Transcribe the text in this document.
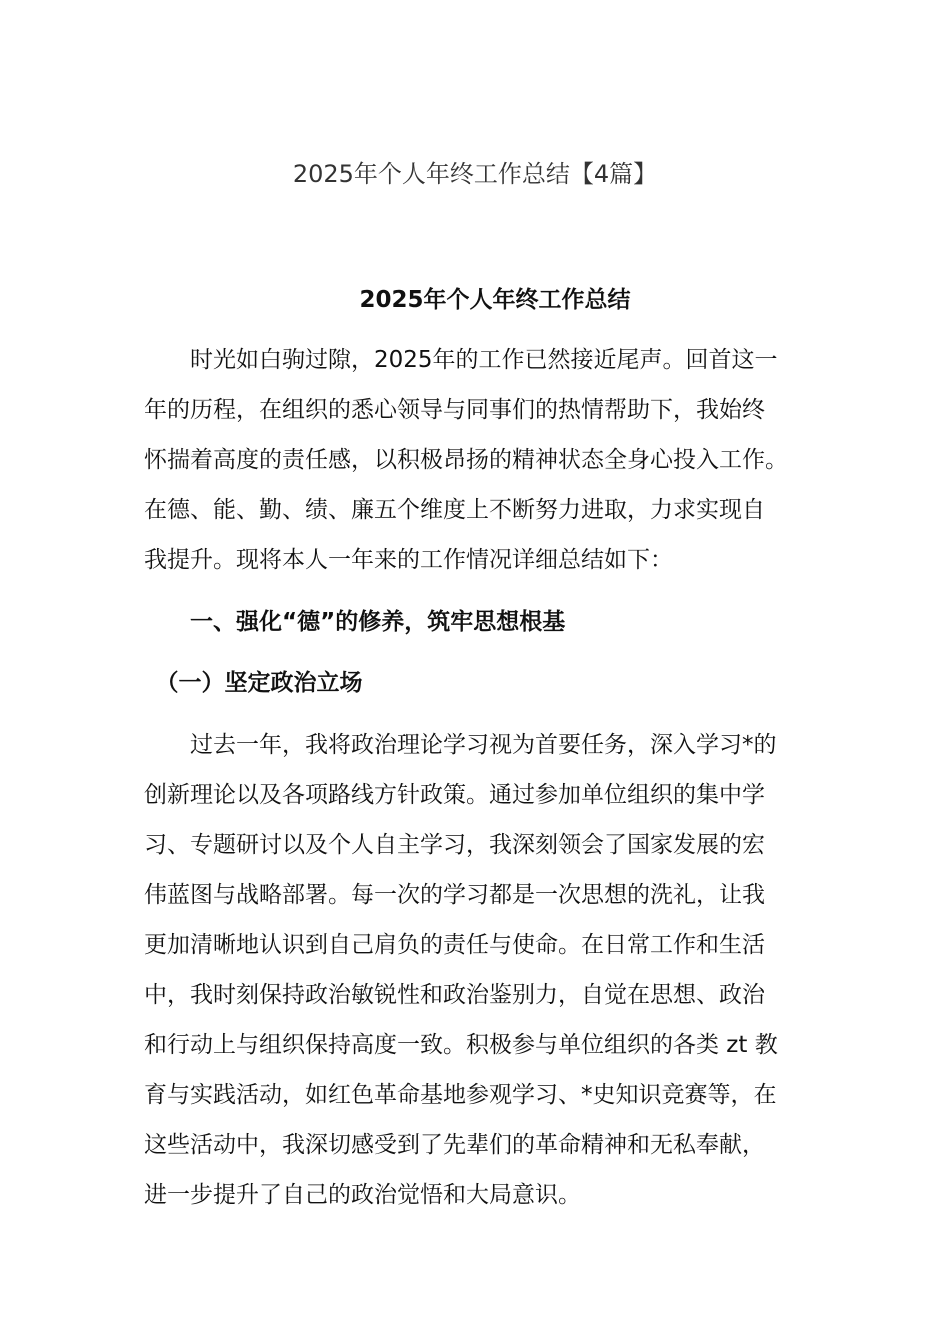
2025年个人年终工作总结【4篇】
2025年个人年终工作总结

　　时光如白驹过隙，2025年的工作已然接近尾声。回首这一

年的历程，在组织的悉心领导与同事们的热情帮助下，我始终

怀揣着高度的责任感，以积极昂扬的精神状态全身心投入工作。

在德、能、勤、绩、廉五个维度上不断努力进取，力求实现自

我提升。现将本人一年来的工作情况详细总结如下：

　　一、强化“德”的修养，筑牢思想根基

　（一）坚定政治立场

　　过去一年，我将政治理论学习视为首要任务，深入学习*的

创新理论以及各项路线方针政策。通过参加单位组织的集中学

习、专题研讨以及个人自主学习，我深刻领会了国家发展的宏

伟蓝图与战略部署。每一次的学习都是一次思想的洗礼，让我

更加清晰地认识到自己肩负的责任与使命。在日常工作和生活

中，我时刻保持政治敏锐性和政治鉴别力，自觉在思想、政治

和行动上与组织保持高度一致。积极参与单位组织的各类 zt 教

育与实践活动，如红色革命基地参观学习、*史知识竞赛等，在

这些活动中，我深切感受到了先辈们的革命精神和无私奉献，

进一步提升了自己的政治觉悟和大局意识。
